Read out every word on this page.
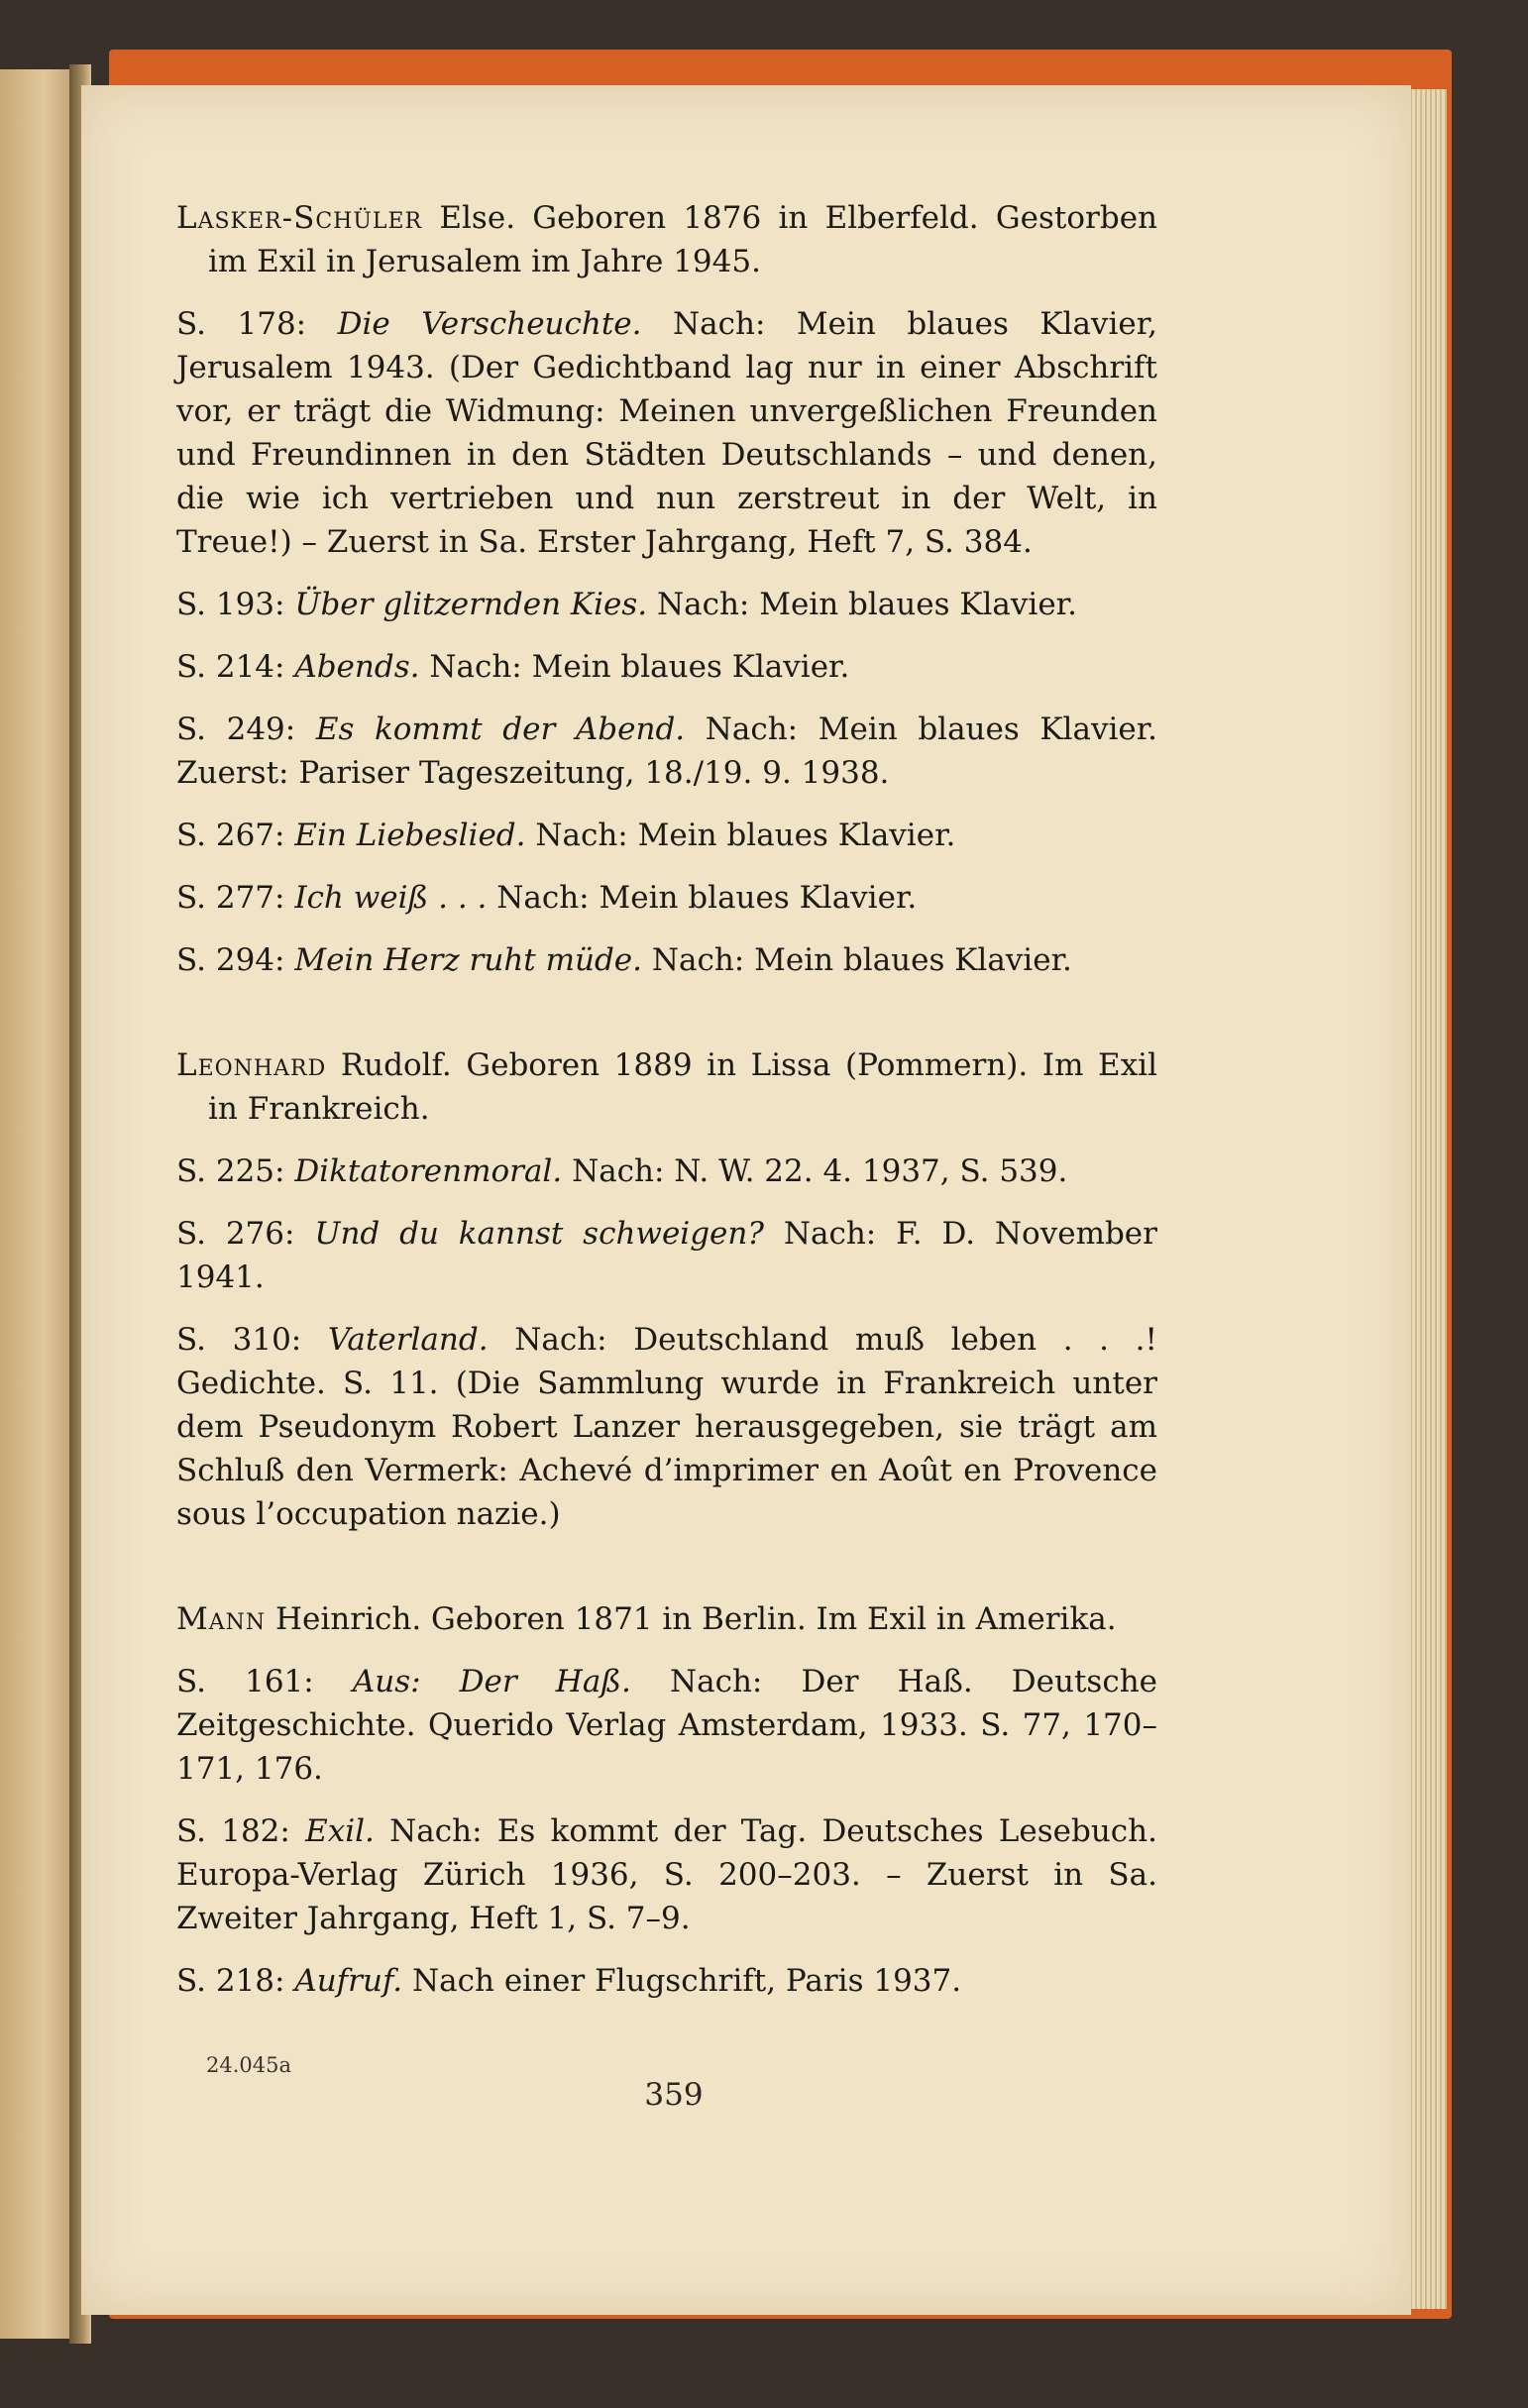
Lasker-Schüler Else. Geboren 1876 in Elberfeld. Gestorben im Exil in Jerusalem im Jahre 1945.

S. 178: Die Verscheuchte. Nach: Mein blaues Klavier, Jerusalem 1943. (Der Gedichtband lag nur in einer Abschrift vor, er trägt die Widmung: Meinen unvergeßlichen Freunden und Freundinnen in den Städten Deutschlands – und denen, die wie ich vertrieben und nun zerstreut in der Welt, in Treue!) – Zuerst in Sa. Erster Jahrgang, Heft 7, S. 384.

S. 193: Über glitzernden Kies. Nach: Mein blaues Klavier.

S. 214: Abends. Nach: Mein blaues Klavier.

S. 249: Es kommt der Abend. Nach: Mein blaues Klavier. Zuerst: Pariser Tageszeitung, 18./19. 9. 1938.

S. 267: Ein Liebeslied. Nach: Mein blaues Klavier.

S. 277: Ich weiß . . . Nach: Mein blaues Klavier.

S. 294: Mein Herz ruht müde. Nach: Mein blaues Klavier.

Leonhard Rudolf. Geboren 1889 in Lissa (Pommern). Im Exil in Frankreich.

S. 225: Diktatorenmoral. Nach: N. W. 22. 4. 1937, S. 539.

S. 276: Und du kannst schweigen? Nach: F. D. November 1941.

S. 310: Vaterland. Nach: Deutschland muß leben . . .! Gedichte. S. 11. (Die Sammlung wurde in Frankreich unter dem Pseudonym Robert Lanzer herausgegeben, sie trägt am Schluß den Vermerk: Achevé d’imprimer en Août en Provence sous l’occupation nazie.)

Mann Heinrich. Geboren 1871 in Berlin. Im Exil in Amerika.

S. 161: Aus: Der Haß. Nach: Der Haß. Deutsche Zeitgeschichte. Querido Verlag Amsterdam, 1933. S. 77, 170–171, 176.

S. 182: Exil. Nach: Es kommt der Tag. Deutsches Lesebuch. Europa-Verlag Zürich 1936, S. 200–203. – Zuerst in Sa. Zweiter Jahrgang, Heft 1, S. 7–9.

S. 218: Aufruf. Nach einer Flugschrift, Paris 1937.

24.045a
359
